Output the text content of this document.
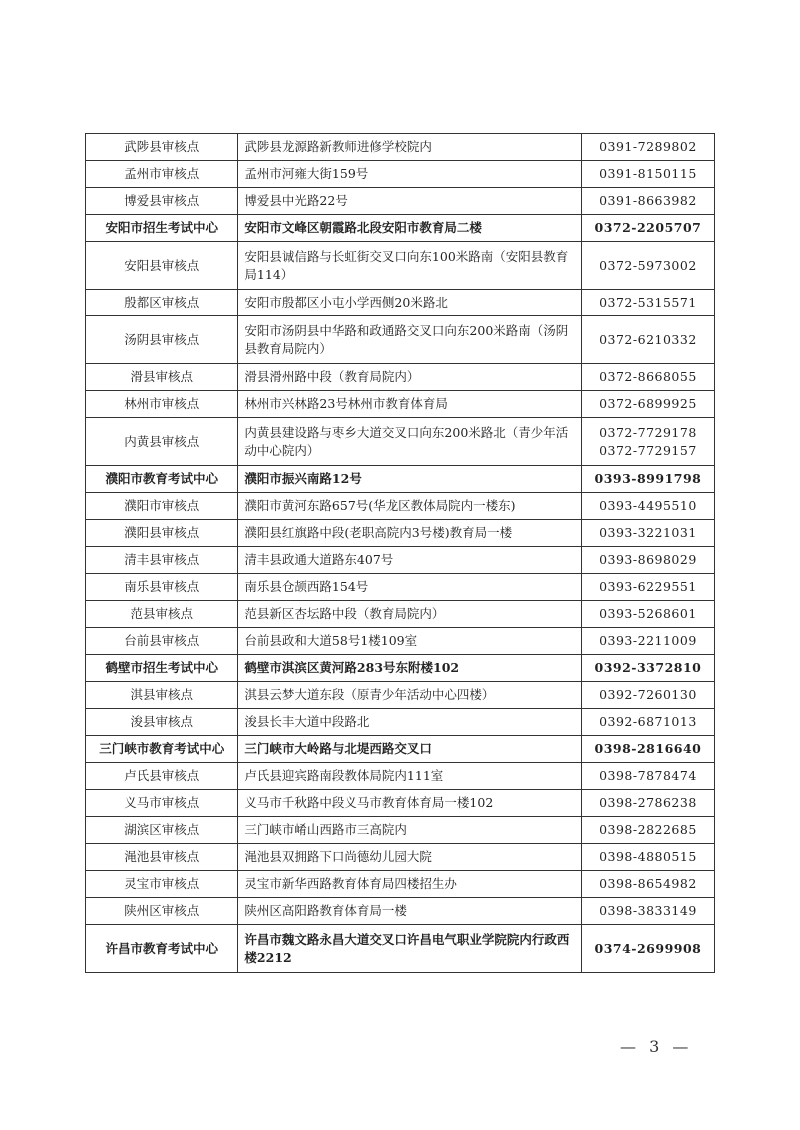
武陟县审核点	武陟县龙源路新教师进修学校院内	0391-7289802

孟州市审核点	孟州市河雍大街159号	0391-8150115

博爱县审核点	博爱县中光路22号	0391-8663982

安阳市招生考试中心	安阳市文峰区朝霞路北段安阳市教育局二楼	0372-2205707

安阳县审核点	安阳县诚信路与长虹街交叉口向东100米路南（安阳县教育局114）	0372-5973002

殷都区审核点	安阳市殷都区小屯小学西侧20米路北	0372-5315571

汤阴县审核点	安阳市汤阴县中华路和政通路交叉口向东200米路南（汤阴县教育局院内）	0372-6210332

滑县审核点	滑县滑州路中段（教育局院内）	0372-8668055

林州市审核点	林州市兴林路23号林州市教育体育局	0372-6899925

内黄县审核点	内黄县建设路与枣乡大道交叉口向东200米路北（青少年活动中心院内）	0372-7729178
0372-7729157

濮阳市教育考试中心	濮阳市振兴南路12号	0393-8991798

濮阳市审核点	濮阳市黄河东路657号(华龙区教体局院内一楼东)	0393-4495510

濮阳县审核点	濮阳县红旗路中段(老职高院内3号楼)教育局一楼	0393-3221031

清丰县审核点	清丰县政通大道路东407号	0393-8698029

南乐县审核点	南乐县仓颉西路154号	0393-6229551

范县审核点	范县新区杏坛路中段（教育局院内）	0393-5268601

台前县审核点	台前县政和大道58号1楼109室	0393-2211009

鹤壁市招生考试中心	鹤壁市淇滨区黄河路283号东附楼102	0392-3372810

淇县审核点	淇县云梦大道东段（原青少年活动中心四楼）	0392-7260130

浚县审核点	浚县长丰大道中段路北	0392-6871013

三门峡市教育考试中心	三门峡市大岭路与北堤西路交叉口	0398-2816640

卢氏县审核点	卢氏县迎宾路南段教体局院内111室	0398-7878474

义马市审核点	义马市千秋路中段义马市教育体育局一楼102	0398-2786238

湖滨区审核点	三门峡市崤山西路市三高院内	0398-2822685

渑池县审核点	渑池县双拥路下口尚德幼儿园大院	0398-4880515

灵宝市审核点	灵宝市新华西路教育体育局四楼招生办	0398-8654982

陕州区审核点	陕州区高阳路教育体育局一楼	0398-3833149

许昌市教育考试中心	许昌市魏文路永昌大道交叉口许昌电气职业学院院内行政西楼2212	0374-2699908
— 3 —
